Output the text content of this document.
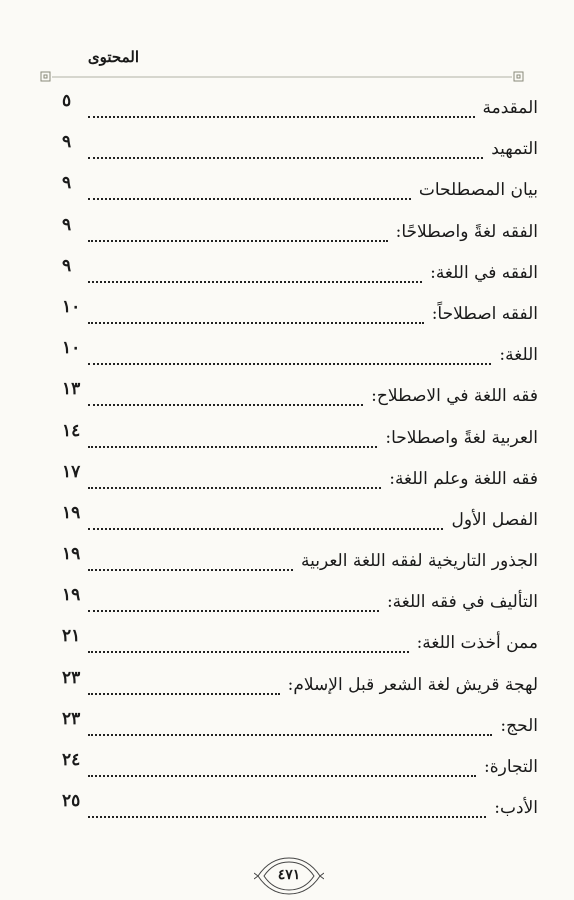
المحتوى
المقدمة
٥
التمهيد
٩
بيان المصطلحات
٩
الفقه لغةً واصطلاحًا:
٩
الفقه في اللغة:
٩
الفقه اصطلاحاً:
١٠
اللغة:
١٠
فقه اللغة في الاصطلاح:
١٣
العربية لغةً واصطلاحا:
١٤
فقه اللغة وعلم اللغة:
١٧
الفصل الأول
١٩
الجذور التاريخية لفقه اللغة العربية
١٩
التأليف في فقه اللغة:
١٩
ممن أخذت اللغة:
٢١
لهجة قريش لغة الشعر قبل الإسلام:
٢٣
الحج:
٢٣
التجارة:
٢٤
الأدب:
٢٥
٤٧١
